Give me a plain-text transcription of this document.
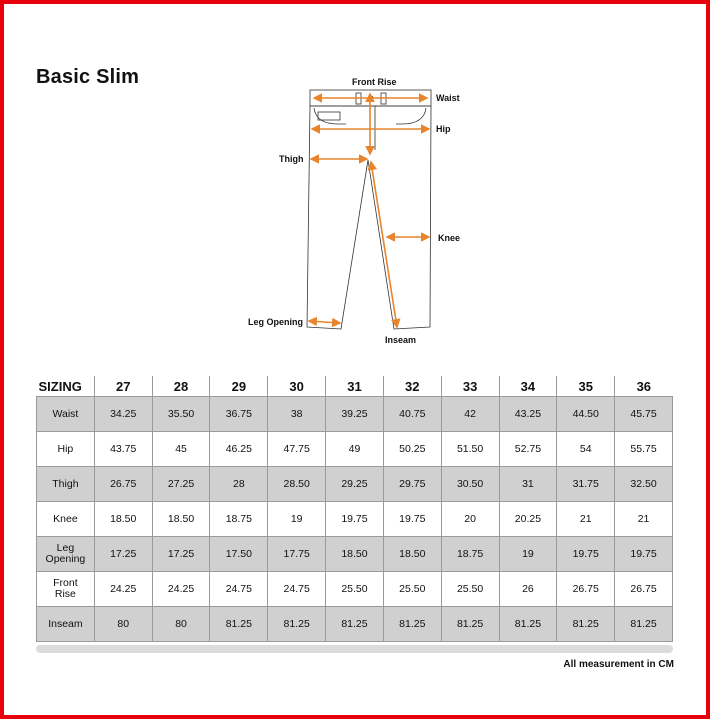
Basic Slim	Front Rise
Waist
Hip
Thigh
Knee
Leg Opening
Inseam
SIZING	27	28	29	30	31	32	33	34	35	36
Waist	34.25	35.50	36.75	38	39.25	40.75	42	43.25	44.50	45.75
Hip	43.75	45	46.25	47.75	49	50.25	51.50	52.75	54	55.75
Thigh	26.75	27.25	28	28.50	29.25	29.75	30.50	31	31.75	32.50
Knee	18.50	18.50	18.75	19	19.75	19.75	20	20.25	21	21
Leg
Opening	17.25	17.25	17.50	17.75	18.50	18.50	18.75	19	19.75	19.75
Front
Rise	24.25	24.25	24.75	24.75	25.50	25.50	25.50	26	26.75	26.75
Inseam	80	80	81.25	81.25	81.25	81.25	81.25	81.25	81.25	81.25
All measurement in CM
